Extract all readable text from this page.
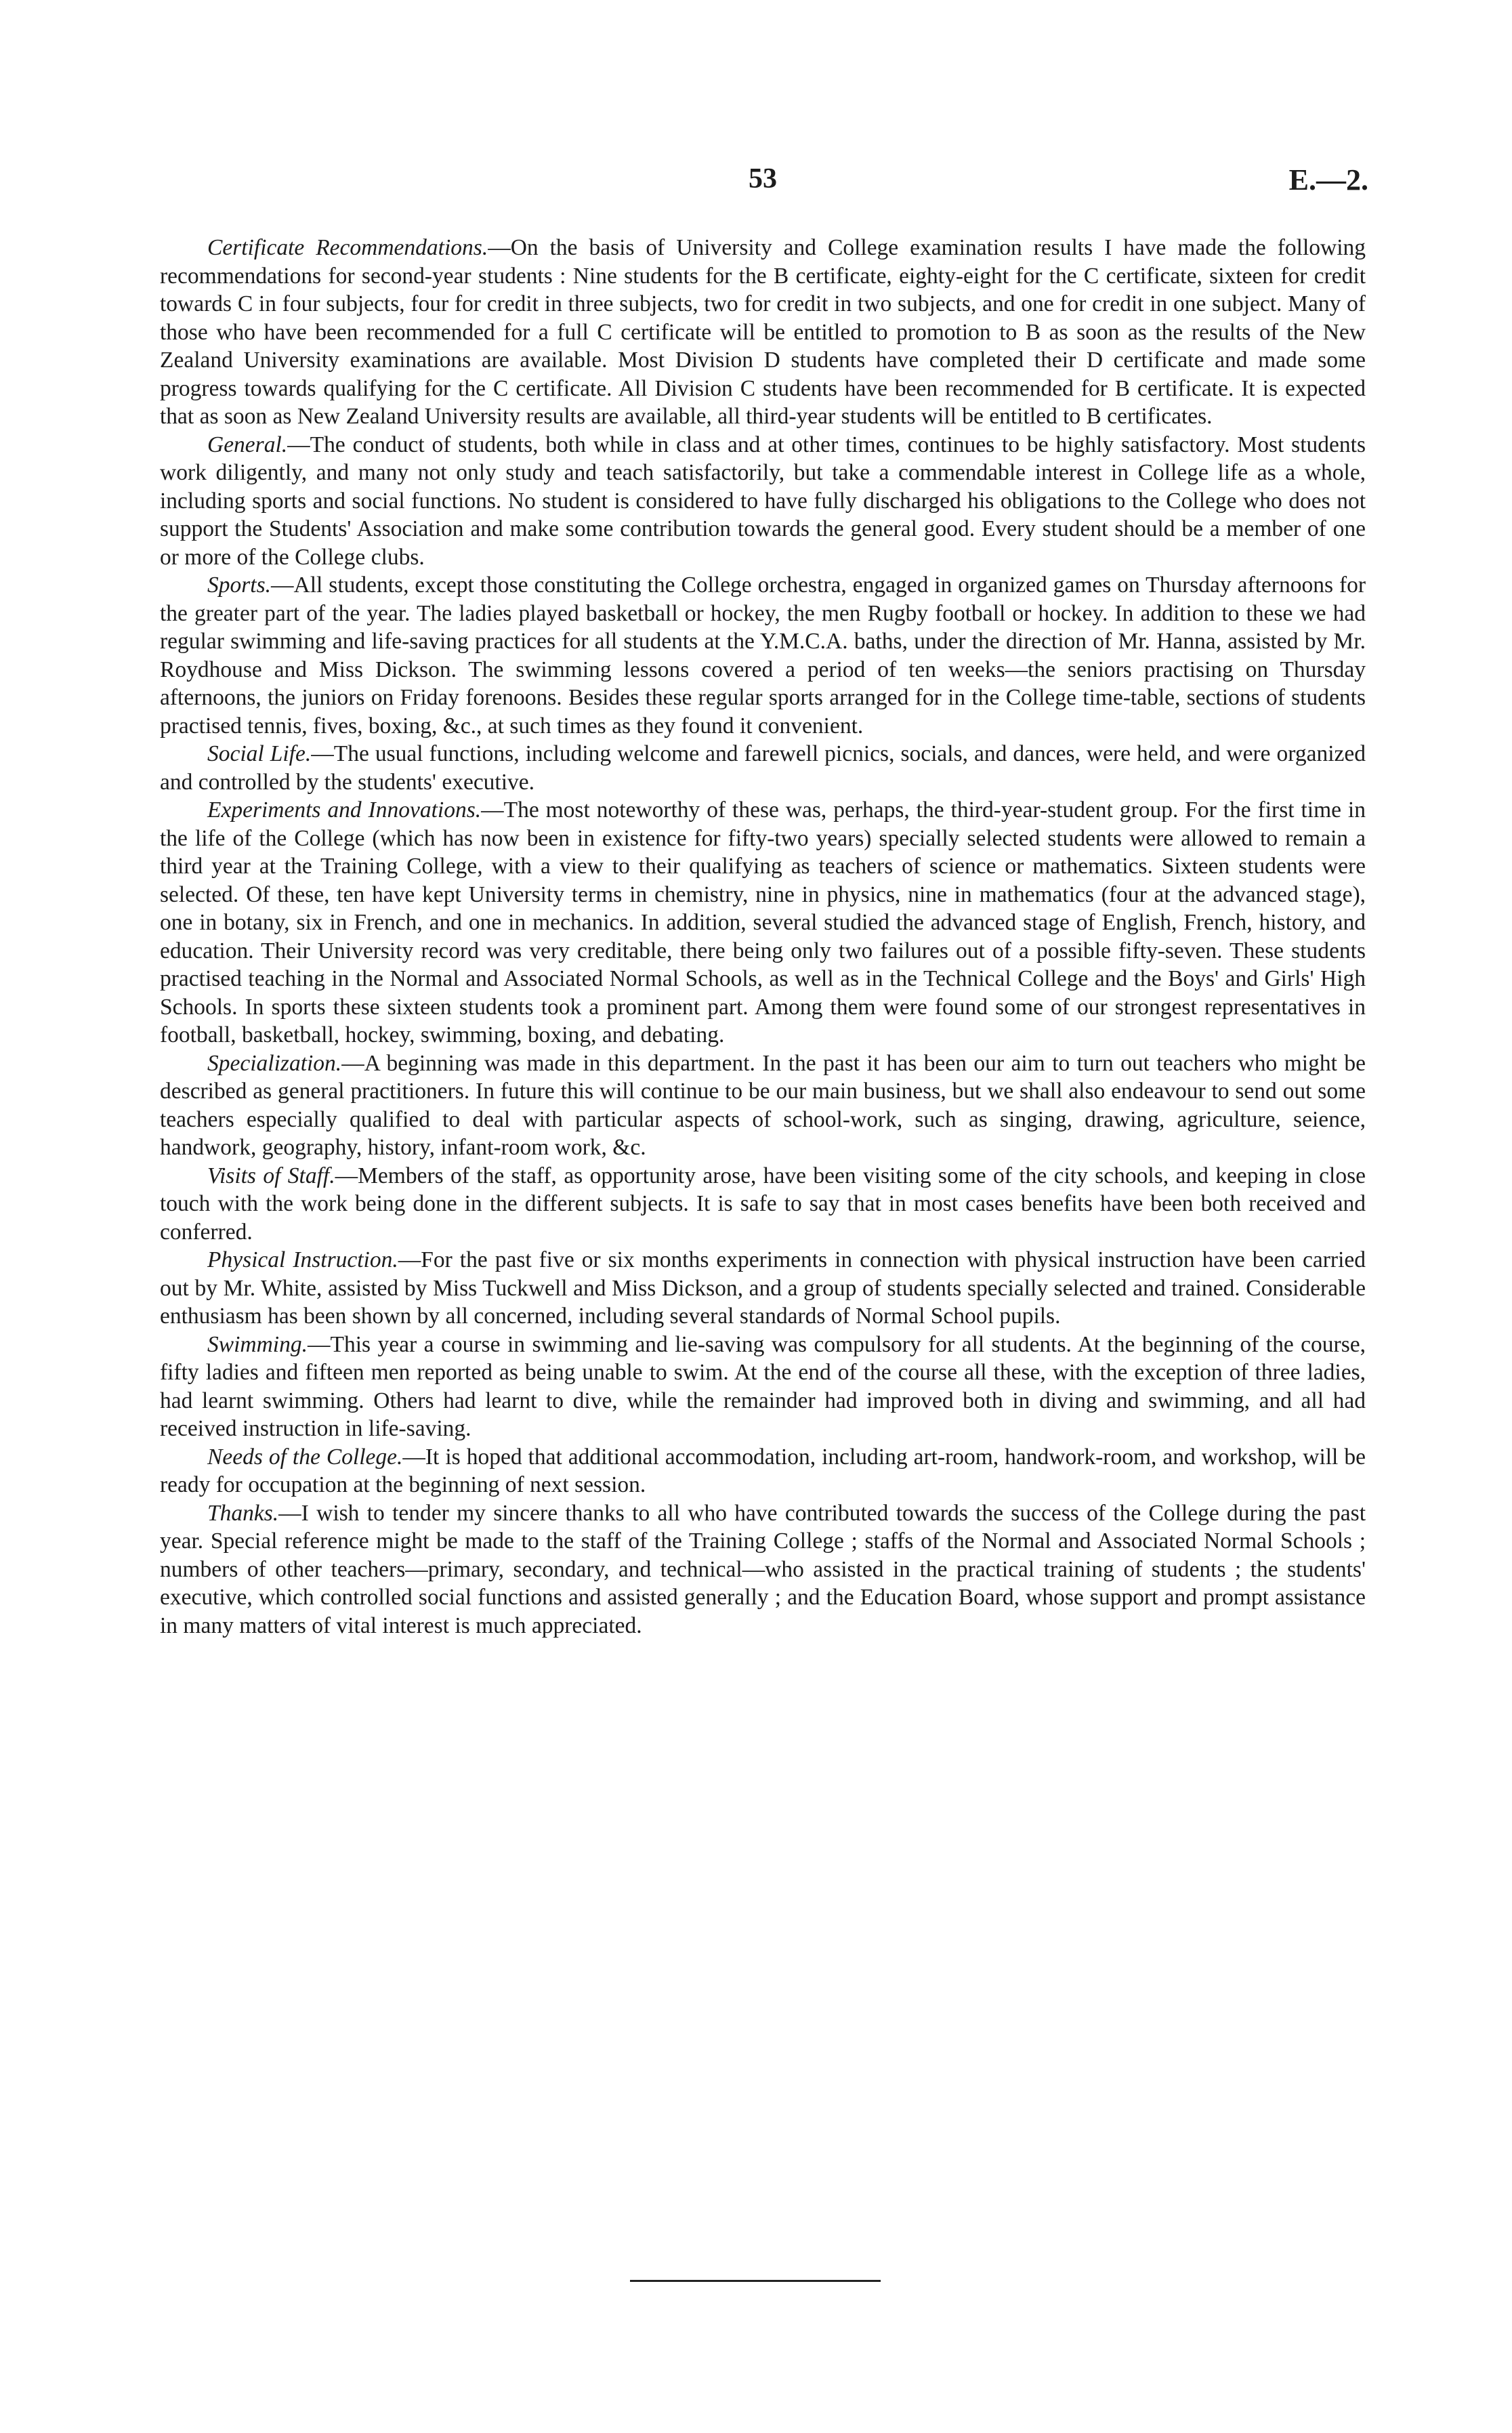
53	E.—2.

Certificate Recommendations.—On the basis of University and College examination results I have made the following recommendations for second-year students : Nine students for the B certificate, eighty-eight for the C certificate, sixteen for credit towards C in four subjects, four for credit in three subjects, two for credit in two subjects, and one for credit in one subject. Many of those who have been recommended for a full C certificate will be entitled to promotion to B as soon as the results of the New Zealand University examinations are available. Most Division D students have completed their D certificate and made some progress towards qualifying for the C certificate. All Division C students have been recommended for B certificate. It is expected that as soon as New Zealand University results are available, all third-year students will be entitled to B certificates.

General.—The conduct of students, both while in class and at other times, continues to be highly satisfactory. Most students work diligently, and many not only study and teach satisfactorily, but take a commendable interest in College life as a whole, including sports and social functions. No student is considered to have fully discharged his obligations to the College who does not support the Students' Association and make some contribution towards the general good. Every student should be a member of one or more of the College clubs.

Sports.—All students, except those constituting the College orchestra, engaged in organized games on Thursday afternoons for the greater part of the year. The ladies played basketball or hockey, the men Rugby football or hockey. In addition to these we had regular swimming and life-saving practices for all students at the Y.M.C.A. baths, under the direction of Mr. Hanna, assisted by Mr. Roydhouse and Miss Dickson. The swimming lessons covered a period of ten weeks—the seniors practising on Thursday afternoons, the juniors on Friday forenoons. Besides these regular sports arranged for in the College time-table, sections of students practised tennis, fives, boxing, &c., at such times as they found it convenient.

Social Life.—The usual functions, including welcome and farewell picnics, socials, and dances, were held, and were organized and controlled by the students' executive.

Experiments and Innovations.—The most noteworthy of these was, perhaps, the third-year-student group. For the first time in the life of the College (which has now been in existence for fifty-two years) specially selected students were allowed to remain a third year at the Training College, with a view to their qualifying as teachers of science or mathematics. Sixteen students were selected. Of these, ten have kept University terms in chemistry, nine in physics, nine in mathematics (four at the advanced stage), one in botany, six in French, and one in mechanics. In addition, several studied the advanced stage of English, French, history, and education. Their University record was very creditable, there being only two failures out of a possible fifty-seven. These students practised teaching in the Normal and Associated Normal Schools, as well as in the Technical College and the Boys' and Girls' High Schools. In sports these sixteen students took a prominent part. Among them were found some of our strongest representatives in football, basketball, hockey, swimming, boxing, and debating.

Specialization.—A beginning was made in this department. In the past it has been our aim to turn out teachers who might be described as general practitioners. In future this will continue to be our main business, but we shall also endeavour to send out some teachers especially qualified to deal with particular aspects of school-work, such as singing, drawing, agriculture, seience, handwork, geography, history, infant-room work, &c.

Visits of Staff.—Members of the staff, as opportunity arose, have been visiting some of the city schools, and keeping in close touch with the work being done in the different subjects. It is safe to say that in most cases benefits have been both received and conferred.

Physical Instruction.—For the past five or six months experiments in connection with physical instruction have been carried out by Mr. White, assisted by Miss Tuckwell and Miss Dickson, and a group of students specially selected and trained. Considerable enthusiasm has been shown by all concerned, including several standards of Normal School pupils.

Swimming.—This year a course in swimming and lie-saving was compulsory for all students. At the beginning of the course, fifty ladies and fifteen men reported as being unable to swim. At the end of the course all these, with the exception of three ladies, had learnt swimming. Others had learnt to dive, while the remainder had improved both in diving and swimming, and all had received instruction in life-saving.

Needs of the College.—It is hoped that additional accommodation, including art-room, handwork-room, and workshop, will be ready for occupation at the beginning of next session.

Thanks.—I wish to tender my sincere thanks to all who have contributed towards the success of the College during the past year. Special reference might be made to the staff of the Training College ; staffs of the Normal and Associated Normal Schools ; numbers of other teachers—primary, secondary, and technical—who assisted in the practical training of students ; the students' executive, which controlled social functions and assisted generally ; and the Education Board, whose support and prompt assistance in many matters of vital interest is much appreciated.
